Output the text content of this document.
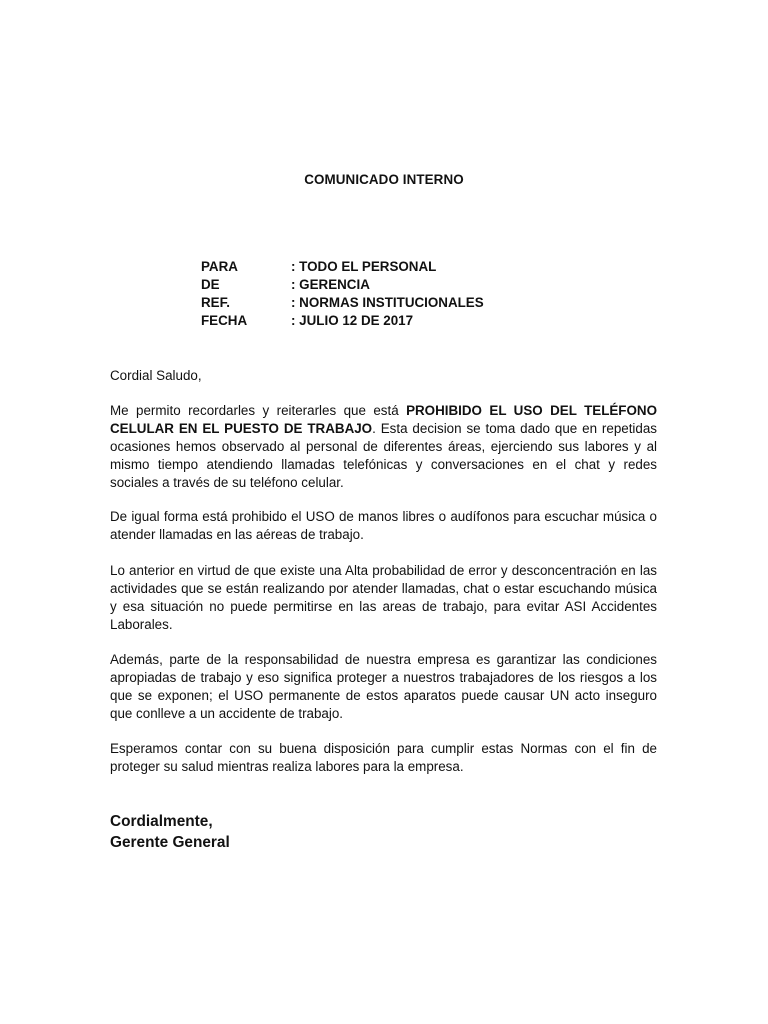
COMUNICADO INTERNO
PARA	: TODO EL PERSONAL
DE	: GERENCIA
REF.	: NORMAS INSTITUCIONALES
FECHA	: JULIO 12 DE 2017
Cordial Saludo,

Me permito recordarles y reiterarles que está PROHIBIDO EL USO DEL TELÉFONO CELULAR EN EL PUESTO DE TRABAJO. Esta decision se toma dado que en repetidas ocasiones hemos observado al personal de diferentes áreas, ejerciendo sus labores y al mismo tiempo atendiendo llamadas telefónicas y conversaciones en el chat y redes sociales a través de su teléfono celular.

De igual forma está prohibido el USO de manos libres o audífonos para escuchar música o atender llamadas en las aéreas de trabajo.

Lo anterior en virtud de que existe una Alta probabilidad de error y desconcentración en las actividades que se están realizando por atender llamadas, chat o estar escuchando música y esa situación no puede permitirse en las areas de trabajo, para evitar ASI Accidentes Laborales.

Además, parte de la responsabilidad de nuestra empresa es garantizar las condiciones apropiadas de trabajo y eso significa proteger a nuestros trabajadores de los riesgos a los que se exponen; el USO permanente de estos aparatos puede causar UN acto inseguro que conlleve a un accidente de trabajo.

Esperamos contar con su buena disposición para cumplir estas Normas con el fin de proteger su salud mientras realiza labores para la empresa.

Cordialmente,
Gerente General
